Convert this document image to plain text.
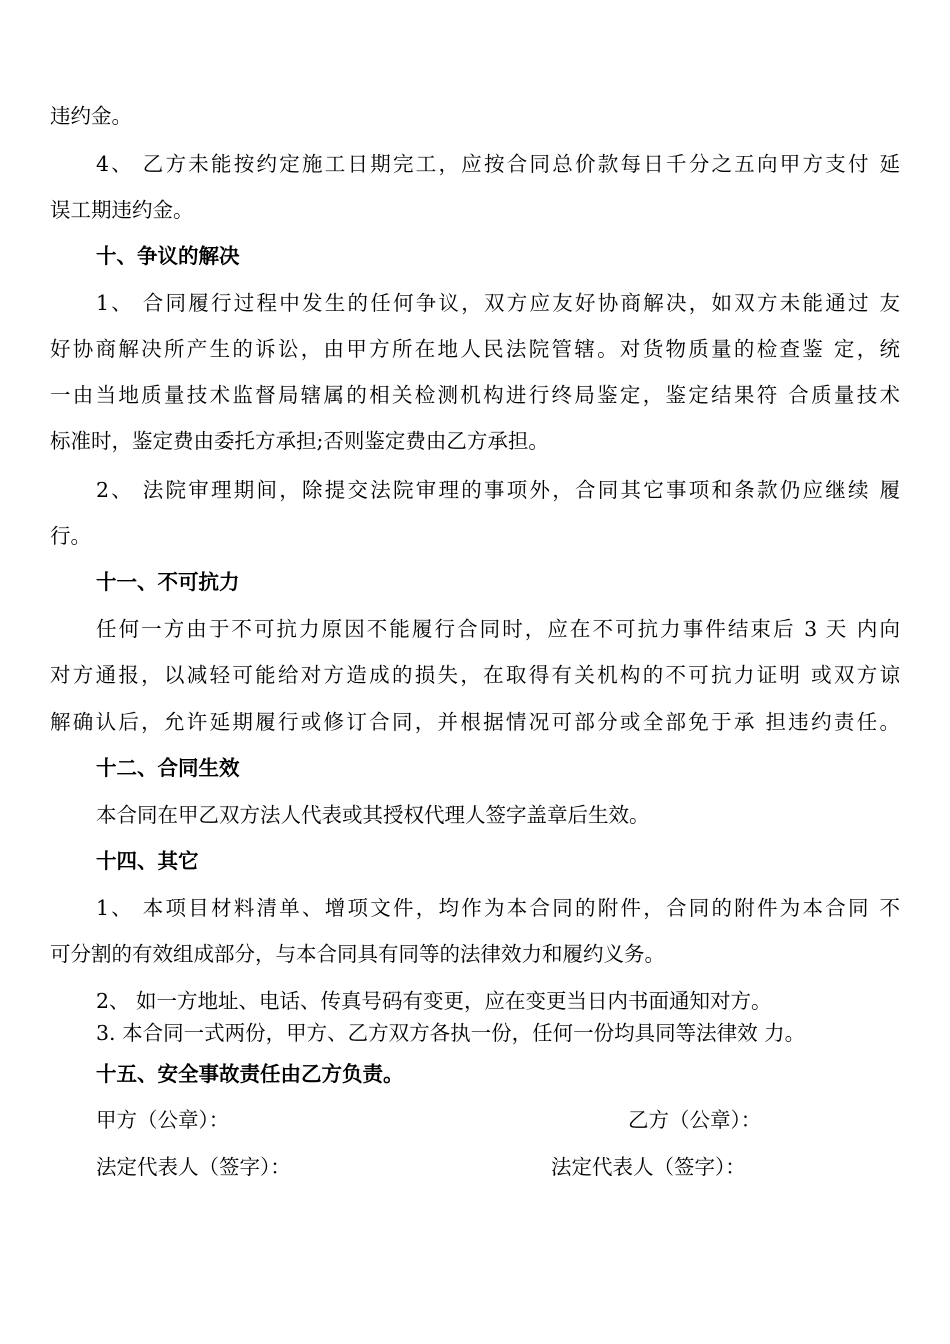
违约金。
4、 乙方未能按约定施工日期完工，应按合同总价款每日千分之五向甲方支付 延
误工期违约金。
十、争议的解决
1、 合同履行过程中发生的任何争议，双方应友好协商解决，如双方未能通过 友
好协商解决所产生的诉讼，由甲方所在地人民法院管辖。对货物质量的检查鉴 定，统
一由当地质量技术监督局辖属的相关检测机构进行终局鉴定，鉴定结果符 合质量技术
标准时，鉴定费由委托方承担;否则鉴定费由乙方承担。
2、 法院审理期间，除提交法院审理的事项外，合同其它事项和条款仍应继续 履
行。
十一、不可抗力
任何一方由于不可抗力原因不能履行合同时，应在不可抗力事件结束后 3 天 内向
对方通报，以减轻可能给对方造成的损失，在取得有关机构的不可抗力证明 或双方谅
解确认后，允许延期履行或修订合同，并根据情况可部分或全部免于承 担违约责任。
十二、合同生效
本合同在甲乙双方法人代表或其授权代理人签字盖章后生效。
十四、其它
1、 本项目材料清单、增项文件，均作为本合同的附件，合同的附件为本合同 不
可分割的有效组成部分，与本合同具有同等的法律效力和履约义务。
2、 如一方地址、电话、传真号码有变更，应在变更当日内书面通知对方。
3. 本合同一式两份，甲方、乙方双方各执一份，任何一份均具同等法律效 力。
十五、安全事故责任由乙方负责。
甲方（公章）：	乙方（公章）：
法定代表人（签字）：	法定代表人（签字）：
